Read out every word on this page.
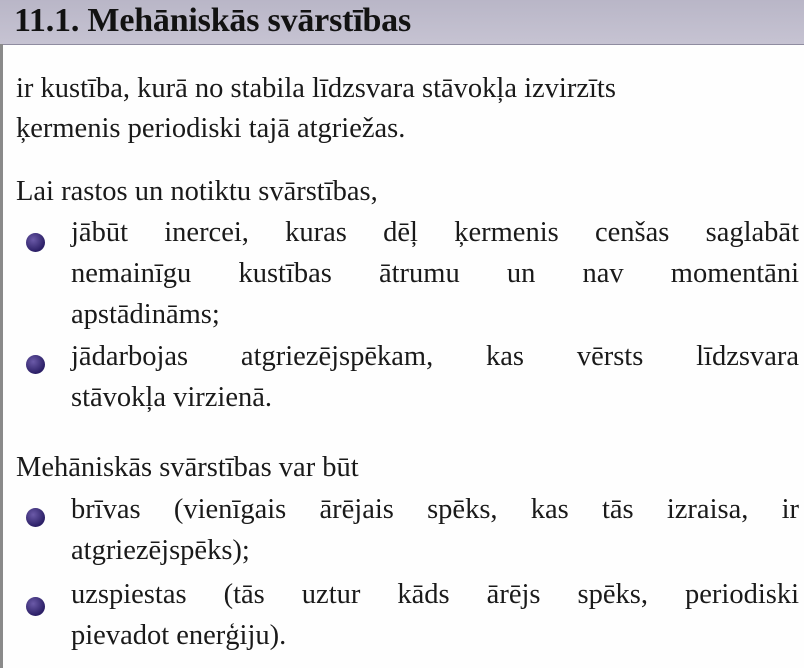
11.1. Mehāniskās svārstības
ir kustība, kurā no stabila līdzsvara stāvokļa izvirzīts
ķermenis periodiski tajā atgriežas.
Lai rastos un notiktu svārstības,
jābūt inercei, kuras dēļ ķermenis cenšas saglabāt
nemainīgu kustības ātrumu un nav momentāni
apstādināms;
jādarbojas atgriezējspēkam, kas vērsts līdzsvara
stāvokļa virzienā.
Mehāniskās svārstības var būt
brīvas (vienīgais ārējais spēks, kas tās izraisa, ir
atgriezējspēks);
uzspiestas (tās uztur kāds ārējs spēks, periodiski
pievadot enerģiju).
